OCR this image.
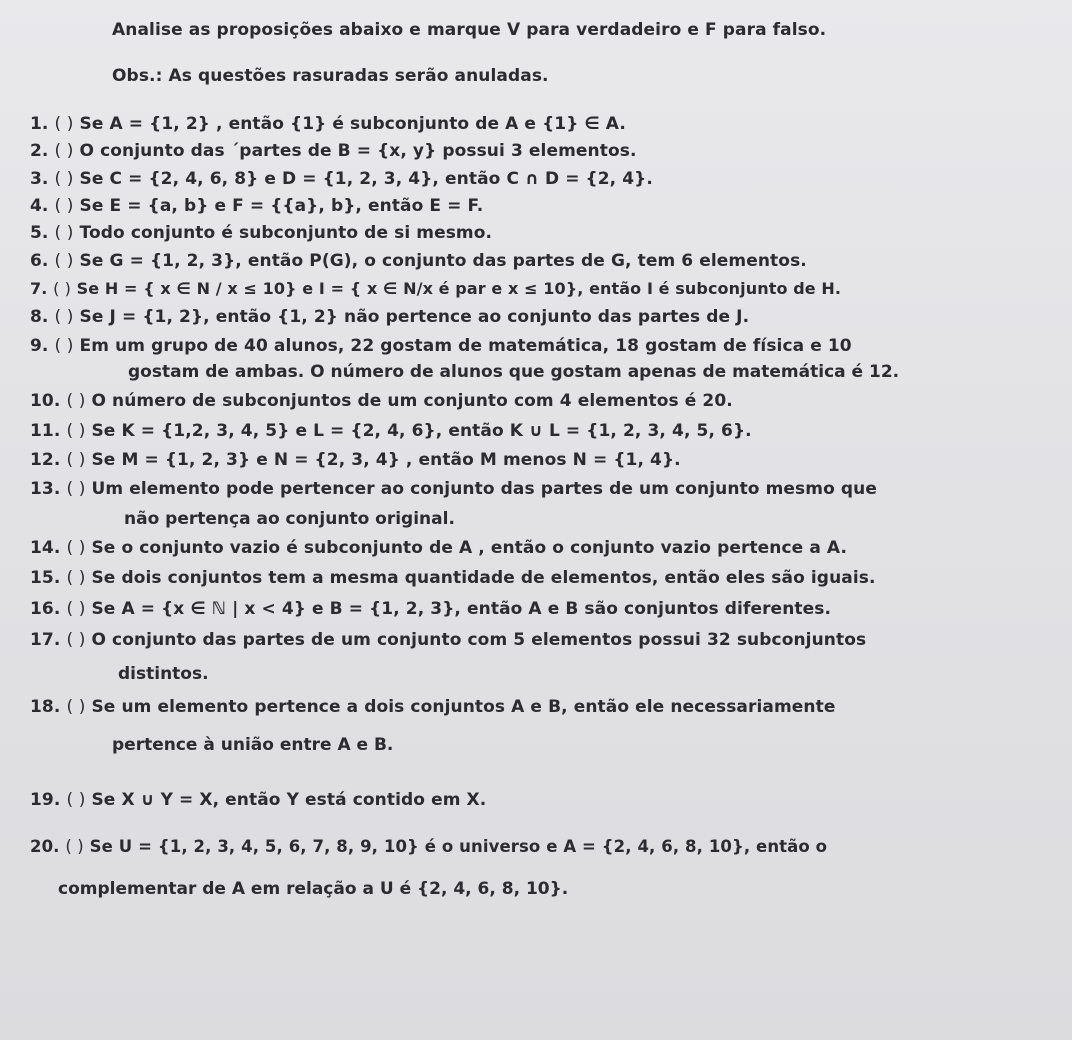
Analise as proposições abaixo e marque V para verdadeiro e F para falso.
Obs.: As questões rasuradas serão anuladas.
1. ( ) Se A = {1, 2} , então {1} é subconjunto de A e {1} ∈ A.
2. ( ) O conjunto das ´partes de B = {x, y} possui 3 elementos.
3. ( ) Se C = {2, 4, 6, 8} e D = {1, 2, 3, 4}, então C ∩ D = {2, 4}.
4. ( ) Se E = {a, b} e F = {{a}, b}, então E = F.
5. ( ) Todo conjunto é subconjunto de si mesmo.
6. ( ) Se G = {1, 2, 3}, então P(G), o conjunto das partes de G, tem 6 elementos.
7. ( ) Se H = { x ∈ N / x ≤ 10} e I = { x ∈ N/x é par e x ≤ 10}, então I é subconjunto de H.
8. ( ) Se J = {1, 2}, então {1, 2} não pertence ao conjunto das partes de J.
9. ( ) Em um grupo de 40 alunos, 22 gostam de matemática, 18 gostam de física e 10
gostam de ambas. O número de alunos que gostam apenas de matemática é 12.
10. ( ) O número de subconjuntos de um conjunto com 4 elementos é 20.
11. ( ) Se K = {1,2, 3, 4, 5} e L = {2, 4, 6}, então K ∪ L = {1, 2, 3, 4, 5, 6}.
12. ( ) Se M = {1, 2, 3} e N = {2, 3, 4} , então M menos N = {1, 4}.
13. ( ) Um elemento pode pertencer ao conjunto das partes de um conjunto mesmo que
não pertença ao conjunto original.
14. ( ) Se o conjunto vazio é subconjunto de A , então o conjunto vazio pertence a A.
15. ( ) Se dois conjuntos tem a mesma quantidade de elementos, então eles são iguais.
16. ( ) Se A = {x ∈ ℕ | x < 4} e B = {1, 2, 3}, então A e B são conjuntos diferentes.
17. ( ) O conjunto das partes de um conjunto com 5 elementos possui 32 subconjuntos
distintos.
18. ( ) Se um elemento pertence a dois conjuntos A e B, então ele necessariamente
pertence à união entre A e B.
19. ( ) Se X ∪ Y = X, então Y está contido em X.
20. ( ) Se U = {1, 2, 3, 4, 5, 6, 7, 8, 9, 10} é o universo e A = {2, 4, 6, 8, 10}, então o
complementar de A em relação a U é {2, 4, 6, 8, 10}.
